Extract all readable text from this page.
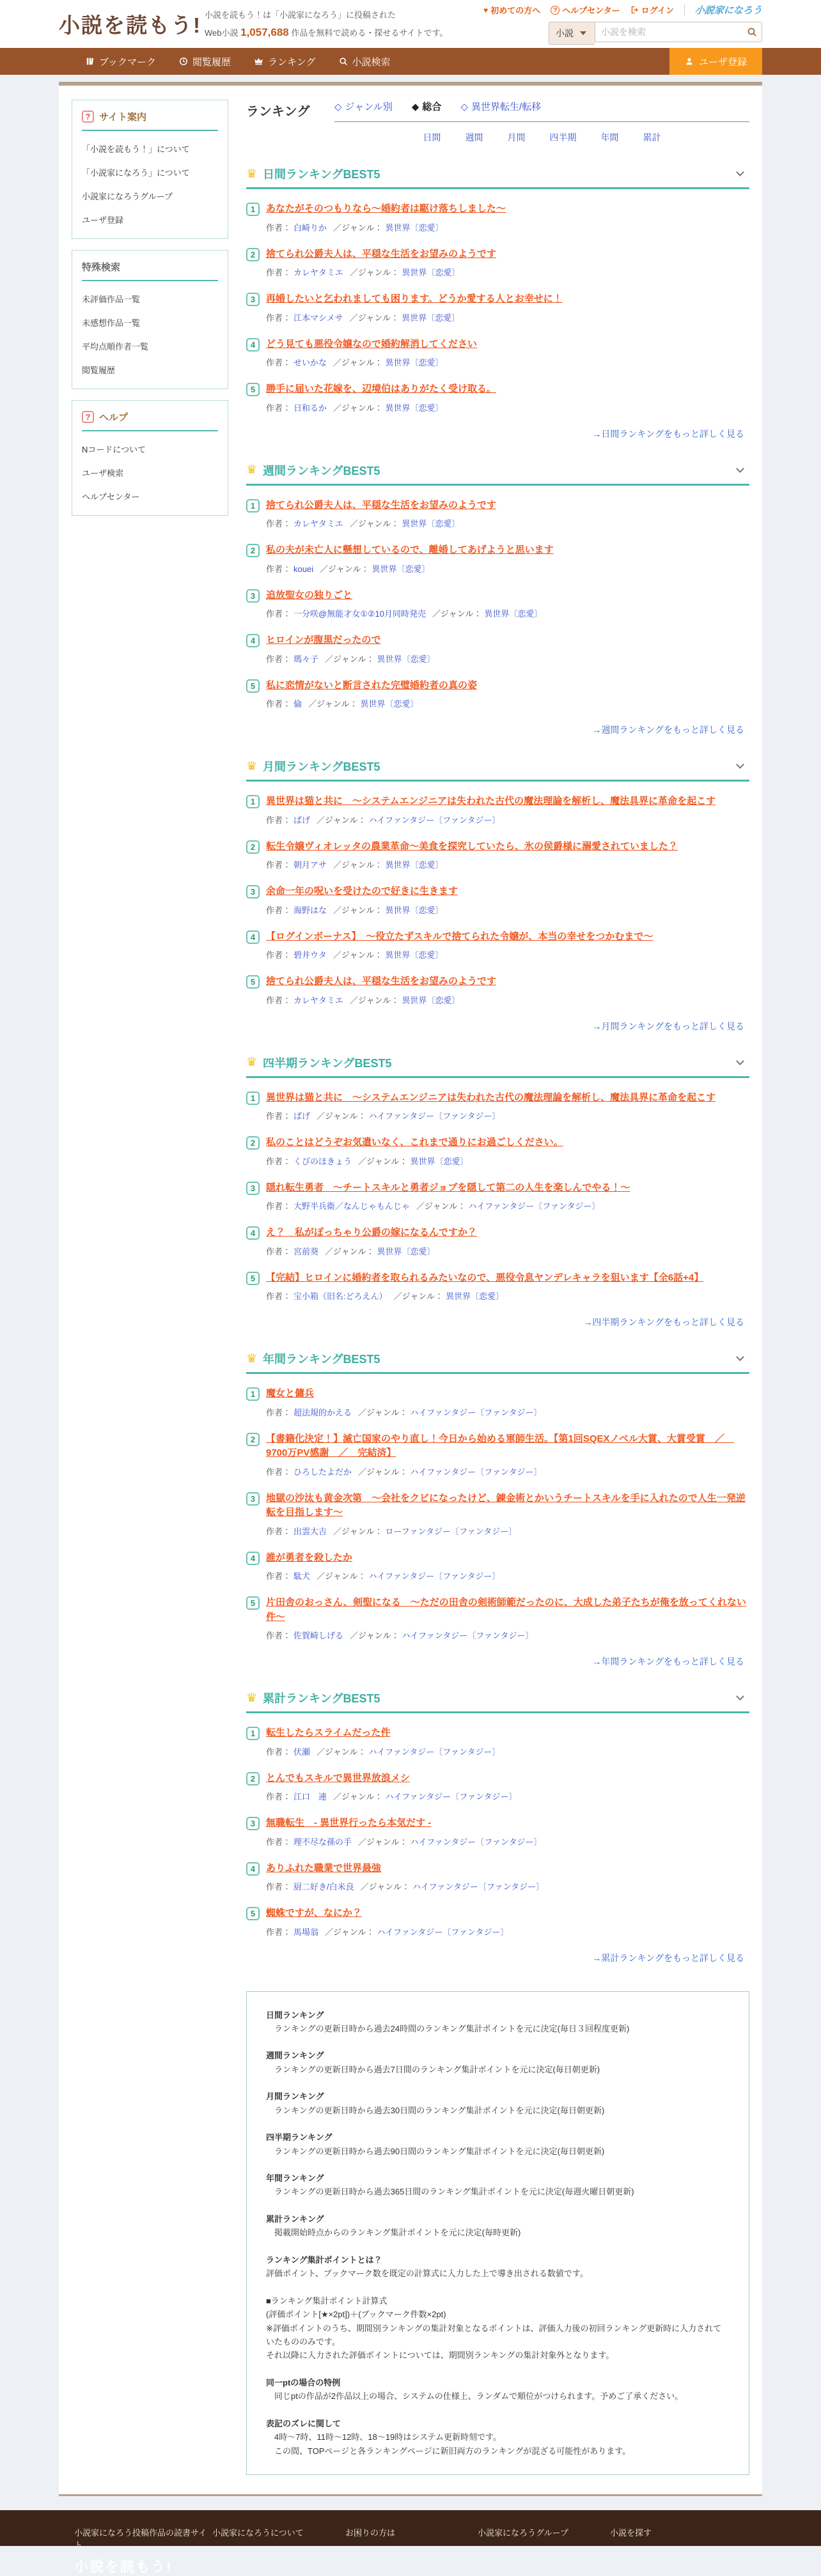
小説を読もう! 小説を読もう！は「小説家になろう」に投稿された
Web小説 1,057,688 作品を無料で読める・探せるサイトです。
♥
初めての方へ ?	ヘルプセンター	ログイン 小説家になろう
小説
小説を検索
ブックマーク	閲覧履歴	ランキング	小説検索	ユーザ登録
?
サイト案内
「小説を読もう！」について
「小説家になろう」について
小説家になろうグループ
ユーザ登録
特殊検索
未評価作品一覧
未感想作品一覧
平均点順作者一覧
閲覧履歴
?
ヘルプ
Nコードについて
ユーザ検索
ヘルプセンター
ランキング ◇	ジャンル別 ◆	総合 ◇	異世界転生/転移
日間	週間	月間	四半期	年間	累計
♛
日間ランキングBEST5
1	あなたがそのつもりなら～婚約者は駆け落ちしました～
作者： 白崎りか ／ジャンル： 異世界〔恋愛〕
2	捨てられ公爵夫人は、平穏な生活をお望みのようです
作者： カレヤタミエ ／ジャンル： 異世界〔恋愛〕
3	再婚したいと乞われましても困ります。どうか愛する人とお幸せに！
作者： 江本マシメサ ／ジャンル： 異世界〔恋愛〕
4	どう見ても悪役令嬢なので婚約解消してください
作者： せいかな ／ジャンル： 異世界〔恋愛〕
5	勝手に届いた花嫁を、辺境伯はありがたく受け取る。
作者： 日和るか ／ジャンル： 異世界〔恋愛〕
→日間ランキングをもっと詳しく見る
♛
週間ランキングBEST5
1	捨てられ公爵夫人は、平穏な生活をお望みのようです
作者： カレヤタミエ ／ジャンル： 異世界〔恋愛〕
2	私の夫が未亡人に懸想しているので、離婚してあげようと思います
作者： kouei ／ジャンル： 異世界〔恋愛〕
3	追放聖女の独りごと
作者： 一分咲@無能才女①②10月同時発売 ／ジャンル： 異世界〔恋愛〕
4	ヒロインが腹黒だったので
作者： 瑪々子 ／ジャンル： 異世界〔恋愛〕
5	私に恋情がないと断言された完璧婚約者の真の姿
作者： 倫 ／ジャンル： 異世界〔恋愛〕
→週間ランキングをもっと詳しく見る
♛
月間ランキングBEST5
1	異世界は猫と共に　～システムエンジニアは失われた古代の魔法理論を解析し、魔法具界に革命を起こす
作者： ぱげ ／ジャンル： ハイファンタジー〔ファンタジー〕
2	転生令嬢ヴィオレッタの農業革命～美食を探究していたら、氷の侯爵様に溺愛されていました？
作者： 朝月アサ ／ジャンル： 異世界〔恋愛〕
3	余命一年の呪いを受けたので好きに生きます
作者： 海野はな ／ジャンル： 異世界〔恋愛〕
4	【ログインボーナス】　～役立たずスキルで捨てられた令嬢が、本当の幸せをつかむまで～
作者： 碧井ウタ ／ジャンル： 異世界〔恋愛〕
5	捨てられ公爵夫人は、平穏な生活をお望みのようです
作者： カレヤタミエ ／ジャンル： 異世界〔恋愛〕
→月間ランキングをもっと詳しく見る
♛
四半期ランキングBEST5
1	異世界は猫と共に　～システムエンジニアは失われた古代の魔法理論を解析し、魔法具界に革命を起こす
作者： ぱげ ／ジャンル： ハイファンタジー〔ファンタジー〕
2	私のことはどうぞお気遣いなく、これまで通りにお過ごしください。
作者： くびのほきょう ／ジャンル： 異世界〔恋愛〕
3	隠れ転生勇者　～チートスキルと勇者ジョブを隠して第二の人生を楽しんでやる！～
作者： 大野半兵衛／なんじゃもんじゃ ／ジャンル： ハイファンタジー〔ファンタジー〕
4	え？　私がぽっちゃり公爵の嫁になるんですか？
作者： 宮前葵 ／ジャンル： 異世界〔恋愛〕
5	【完結】ヒロインに婚約者を取られるみたいなので、悪役令息ヤンデレキャラを狙います【全6話+4】
作者： 宝小箱（旧名:どろえん） ／ジャンル： 異世界〔恋愛〕
→四半期ランキングをもっと詳しく見る
♛
年間ランキングBEST5
1	魔女と傭兵
作者： 超法規的かえる ／ジャンル： ハイファンタジー〔ファンタジー〕
2	【書籍化決定！】滅亡国家のやり直し！今日から始める軍師生活。【第1回SQEXノベル大賞、大賞受賞　／　9700万PV感謝　／　完結済】
作者： ひろしたよだか ／ジャンル： ハイファンタジー〔ファンタジー〕
3	地獄の沙汰も黄金次第　～会社をクビになったけど、錬金術とかいうチートスキルを手に入れたので人生一発逆転を目指します～
作者： 出雲大吉 ／ジャンル： ローファンタジー〔ファンタジー〕
4	誰が勇者を殺したか
作者： 駄犬 ／ジャンル： ハイファンタジー〔ファンタジー〕
5	片田舎のおっさん、剣聖になる　～ただの田舎の剣術師範だったのに、大成した弟子たちが俺を放ってくれない件～
作者： 佐賀崎しげる ／ジャンル： ハイファンタジー〔ファンタジー〕
→年間ランキングをもっと詳しく見る
♛
累計ランキングBEST5
1	転生したらスライムだった件
作者： 伏瀬 ／ジャンル： ハイファンタジー〔ファンタジー〕
2	とんでもスキルで異世界放浪メシ
作者： 江口　連 ／ジャンル： ハイファンタジー〔ファンタジー〕
3	無職転生　- 異世界行ったら本気だす -
作者： 理不尽な孫の手 ／ジャンル： ハイファンタジー〔ファンタジー〕
4	ありふれた職業で世界最強
作者： 厨二好き/白米良 ／ジャンル： ハイファンタジー〔ファンタジー〕
5	蜘蛛ですが、なにか？
作者： 馬場翁 ／ジャンル： ハイファンタジー〔ファンタジー〕
→累計ランキングをもっと詳しく見る
日間ランキング
ランキングの更新日時から過去24時間のランキング集計ポイントを元に決定(毎日３回程度更新)
週間ランキング
ランキングの更新日時から過去7日間のランキング集計ポイントを元に決定(毎日朝更新)
月間ランキング
ランキングの更新日時から過去30日間のランキング集計ポイントを元に決定(毎日朝更新)
四半期ランキング
ランキングの更新日時から過去90日間のランキング集計ポイントを元に決定(毎日朝更新)
年間ランキング
ランキングの更新日時から過去365日間のランキング集計ポイントを元に決定(毎週火曜日朝更新)
累計ランキング
掲載開始時点からのランキング集計ポイントを元に決定(毎時更新)
ランキング集計ポイントとは？
評価ポイント、ブックマーク数を既定の計算式に入力した上で導き出される数値です。
■ランキング集計ポイント計算式
(評価ポイント[★×2pt])＋(ブックマーク件数×2pt)
※評価ポイントのうち、期間別ランキングの集計対象となるポイントは、評価入力後の初回ランキング更新時に入力されていたもののみです。
それ以降に入力された評価ポイントについては、期間別ランキングの集計対象外となります。
同一ptの場合の特例
同じptの作品が2作品以上の場合、システムの仕様上、ランダムで順位がつけられます。予めご了承ください。
表記のズレに関して
4時～7時、11時～12時、18～19時はシステム更新時刻です。
この間、TOPページと各ランキングページに新旧両方のランキングが混ざる可能性があります。
小説家になろう投稿作品の読書サイト
小説を読もう!
小説家になろうについて	お困りの方は	小説家になろうグループ	小説を探す
